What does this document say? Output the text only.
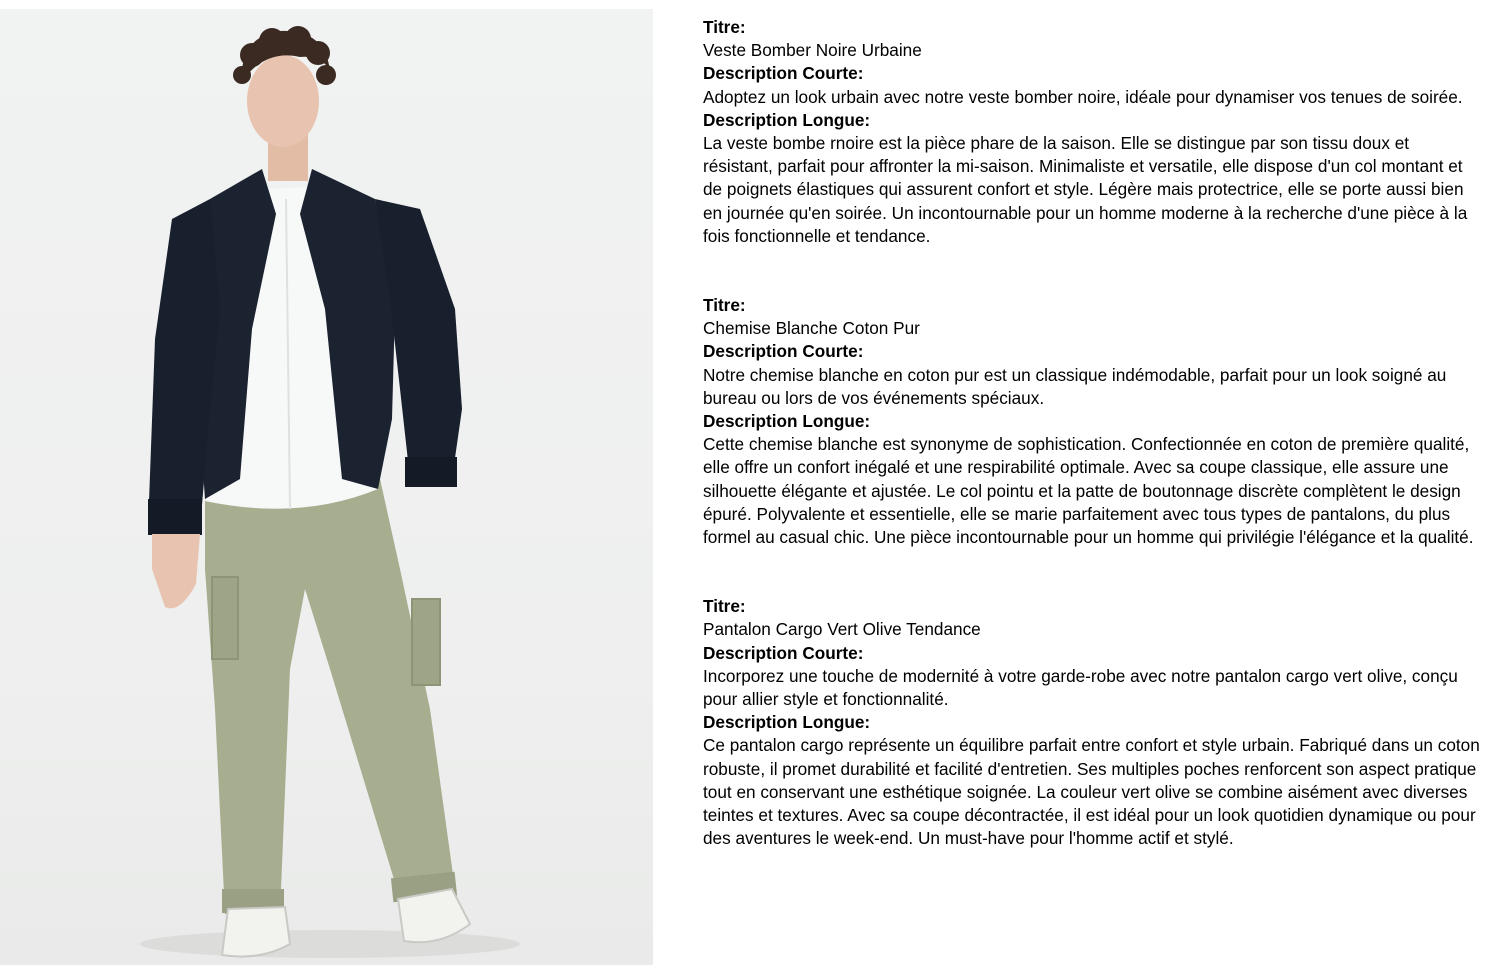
Titre:
Veste Bomber Noire Urbaine
Description Courte:
Adoptez un look urbain avec notre veste bomber noire, idéale pour dynamiser vos tenues de soirée.
Description Longue:
La veste bombe rnoire est la pièce phare de la saison. Elle se distingue par son tissu doux et résistant, parfait pour affronter la mi-saison. Minimaliste et versatile, elle dispose d'un col montant et de poignets élastiques qui assurent confort et style. Légère mais protectrice, elle se porte aussi bien en journée qu'en soirée. Un incontournable pour un homme moderne à la recherche d'une pièce à la fois fonctionnelle et tendance.
Titre:
Chemise Blanche Coton Pur
Description Courte:
Notre chemise blanche en coton pur est un classique indémodable, parfait pour un look soigné au bureau ou lors de vos événements spéciaux.
Description Longue:
Cette chemise blanche est synonyme de sophistication. Confectionnée en coton de première qualité, elle offre un confort inégalé et une respirabilité optimale. Avec sa coupe classique, elle assure une silhouette élégante et ajustée. Le col pointu et la patte de boutonnage discrète complètent le design épuré. Polyvalente et essentielle, elle se marie parfaitement avec tous types de pantalons, du plus formel au casual chic. Une pièce incontournable pour un homme qui privilégie l'élégance et la qualité.
Titre:
Pantalon Cargo Vert Olive Tendance
Description Courte:
Incorporez une touche de modernité à votre garde-robe avec notre pantalon cargo vert olive, conçu pour allier style et fonctionnalité.
Description Longue:
Ce pantalon cargo représente un équilibre parfait entre confort et style urbain. Fabriqué dans un coton robuste, il promet durabilité et facilité d'entretien. Ses multiples poches renforcent son aspect pratique tout en conservant une esthétique soignée. La couleur vert olive se combine aisément avec diverses teintes et textures. Avec sa coupe décontractée, il est idéal pour un look quotidien dynamique ou pour des aventures le week-end. Un must-have pour l'homme actif et stylé.
